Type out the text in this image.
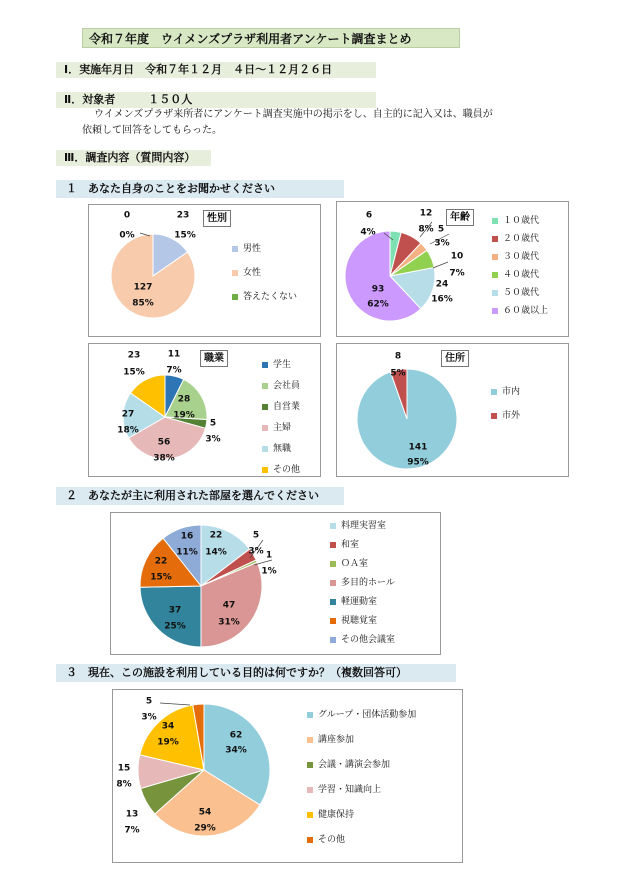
令和７年度　ウイメンズプラザ利用者アンケート調査まとめ
Ⅰ．実施年月日　令和７年１２月　４日～１２月２６日
Ⅱ．対象者　　　１５０人
ウイメンズプラザ来所者にアンケート調査実施中の掲示をし、自主的に記入又は、職員が
依頼して回答をしてもらった。
Ⅲ．調査内容（質問内容）
１　あなた自身のことをお聞かせください
２　あなたが主に利用された部屋を選んでください
３　現在、この施設を利用している目的は何ですか？（複数回答可）
性別
23
15%
0
0%
127
85%
男性
女性
答えたくない
年齢
6
4%
12
8% 5
3%
10
7%
24
16%
93
62%
１０歳代
２０歳代
３０歳代
４０歳代
５０歳代
６０歳以上
職業
11
7%
23
15%
28
19%
5
3%
27
18%
56
38%
学生
会社員
自営業
主婦
無職
その他
住所
8
5%
141
95%
市内
市外
22
14%
5
3% 1
1%
47
31%
37
25%
22
15%
16
11%
料理実習室
和室
ＯＡ室
多目的ホール
軽運動室
視聴覚室
その他会議室
5
3%
34
19%
62
34%
15
8%
13
7%
54
29%
グループ・団体活動参加
講座参加
会議・講演会参加
学習・知識向上
健康保持
その他
